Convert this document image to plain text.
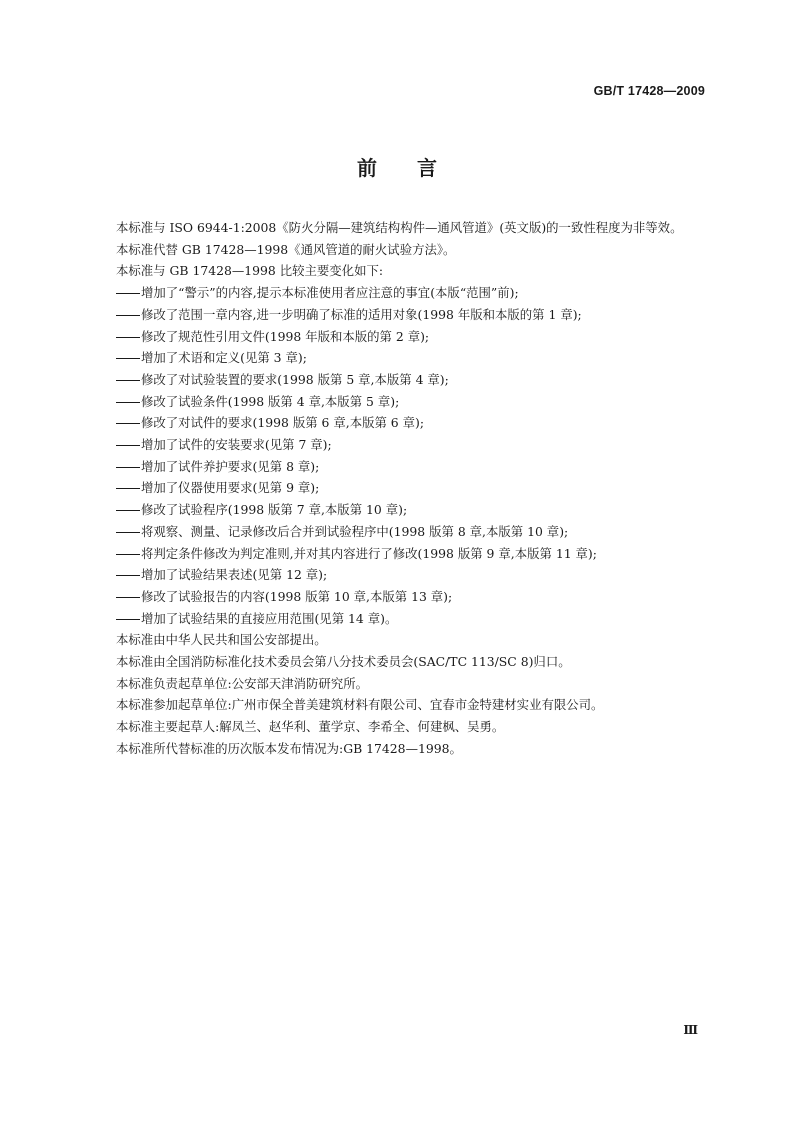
GB/T 17428—2009
前 言

本标准与 ISO 6944-1:2008《防火分隔—建筑结构构件—通风管道》(英文版)的一致性程度为非等效。

本标准代替 GB 17428—1998《通风管道的耐火试验方法》。

本标准与 GB 17428—1998 比较主要变化如下:

增加了“警示”的内容,提示本标准使用者应注意的事宜(本版“范围”前);

修改了范围一章内容,进一步明确了标准的适用对象(1998 年版和本版的第 1 章);

修改了规范性引用文件(1998 年版和本版的第 2 章);

增加了术语和定义(见第 3 章);

修改了对试验装置的要求(1998 版第 5 章,本版第 4 章);

修改了试验条件(1998 版第 4 章,本版第 5 章);

修改了对试件的要求(1998 版第 6 章,本版第 6 章);

增加了试件的安装要求(见第 7 章);

增加了试件养护要求(见第 8 章);

增加了仪器使用要求(见第 9 章);

修改了试验程序(1998 版第 7 章,本版第 10 章);

将观察、测量、记录修改后合并到试验程序中(1998 版第 8 章,本版第 10 章);

将判定条件修改为判定准则,并对其内容进行了修改(1998 版第 9 章,本版第 11 章);

增加了试验结果表述(见第 12 章);

修改了试验报告的内容(1998 版第 10 章,本版第 13 章);

增加了试验结果的直接应用范围(见第 14 章)。

本标准由中华人民共和国公安部提出。

本标准由全国消防标准化技术委员会第八分技术委员会(SAC/TC 113/SC 8)归口。

本标准负责起草单位:公安部天津消防研究所。

本标准参加起草单位:广州市保全普美建筑材料有限公司、宜春市金特建材实业有限公司。

本标准主要起草人:解凤兰、赵华利、董学京、李希全、何建枫、吴勇。

本标准所代替标准的历次版本发布情况为:GB 17428—1998。

Ⅲ
